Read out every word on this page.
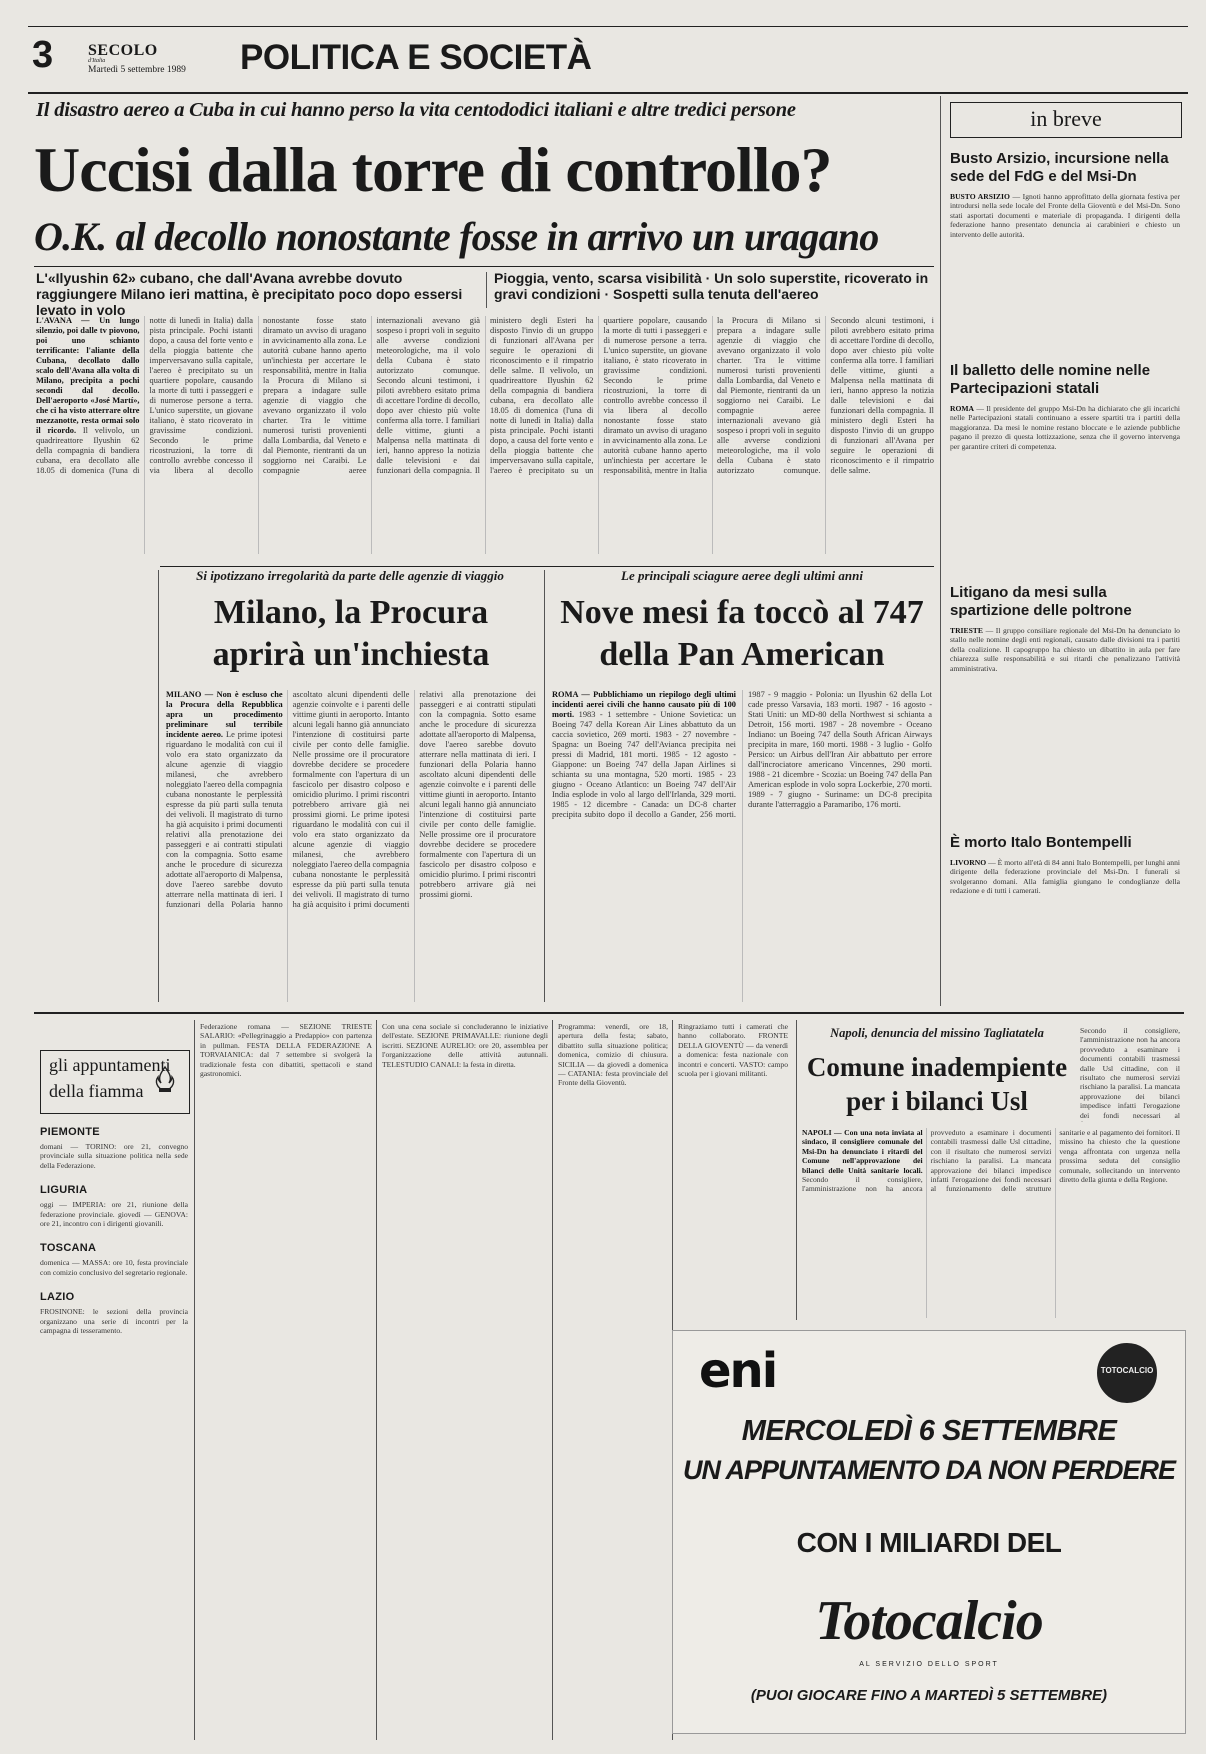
3 SECOLO
d'Italia
Martedì 5 settembre 1989	POLITICA E SOCIETÀ
Il disastro aereo a Cuba in cui hanno perso la vita centododici italiani e altre tredici persone
Uccisi dalla torre di controllo?
O.K. al decollo nonostante fosse in arrivo un uragano
L'«Ilyushin 62» cubano, che dall'Avana avrebbe dovuto raggiungere Milano ieri mattina, è precipitato poco dopo essersi levato in volo
Pioggia, vento, scarsa visibilità · Un solo superstite, ricoverato in gravi condizioni · Sospetti sulla tenuta dell'aereo
L'AVANA — Un lungo silenzio, poi dalle tv piovono, poi uno schianto terrificante: l'aliante della Cubana, decollato dallo scalo dell'Avana alla volta di Milano, precipita a pochi secondi dal decollo. Dell'aeroporto «José Martí», che ci ha visto atterrare oltre mezzanotte, resta ormai solo il ricordo. Il velivolo, un quadrireattore Ilyushin 62 della compagnia di bandiera cubana, era decollato alle 18.05 di domenica (l'una di notte di lunedì in Italia) dalla pista principale. Pochi istanti dopo, a causa del forte vento e della pioggia battente che imperversavano sulla capitale, l'aereo è precipitato su un quartiere popolare, causando la morte di tutti i passeggeri e di numerose persone a terra. L'unico superstite, un giovane italiano, è stato ricoverato in gravissime condizioni. Secondo le prime ricostruzioni, la torre di controllo avrebbe concesso il via libera al decollo nonostante fosse stato diramato un avviso di uragano in avvicinamento alla zona. Le autorità cubane hanno aperto un'inchiesta per accertare le responsabilità, mentre in Italia la Procura di Milano si prepara a indagare sulle agenzie di viaggio che avevano organizzato il volo charter. Tra le vittime numerosi turisti provenienti dalla Lombardia, dal Veneto e dal Piemonte, rientranti da un soggiorno nei Caraibi. Le compagnie aeree internazionali avevano già sospeso i propri voli in seguito alle avverse condizioni meteorologiche, ma il volo della Cubana è stato autorizzato comunque. Secondo alcuni testimoni, i piloti avrebbero esitato prima di accettare l'ordine di decollo, dopo aver chiesto più volte conferma alla torre. I familiari delle vittime, giunti a Malpensa nella mattinata di ieri, hanno appreso la notizia dalle televisioni e dai funzionari della compagnia. Il ministero degli Esteri ha disposto l'invio di un gruppo di funzionari all'Avana per seguire le operazioni di riconoscimento e il rimpatrio delle salme. Il velivolo, un quadrireattore Ilyushin 62 della compagnia di bandiera cubana, era decollato alle 18.05 di domenica (l'una di notte di lunedì in Italia) dalla pista principale. Pochi istanti dopo, a causa del forte vento e della pioggia battente che imperversavano sulla capitale, l'aereo è precipitato su un quartiere popolare, causando la morte di tutti i passeggeri e di numerose persone a terra. L'unico superstite, un giovane italiano, è stato ricoverato in gravissime condizioni. Secondo le prime ricostruzioni, la torre di controllo avrebbe concesso il via libera al decollo nonostante fosse stato diramato un avviso di uragano in avvicinamento alla zona. Le autorità cubane hanno aperto un'inchiesta per accertare le responsabilità, mentre in Italia la Procura di Milano si prepara a indagare sulle agenzie di viaggio che avevano organizzato il volo charter. Tra le vittime numerosi turisti provenienti dalla Lombardia, dal Veneto e dal Piemonte, rientranti da un soggiorno nei Caraibi. Le compagnie aeree internazionali avevano già sospeso i propri voli in seguito alle avverse condizioni meteorologiche, ma il volo della Cubana è stato autorizzato comunque. Secondo alcuni testimoni, i piloti avrebbero esitato prima di accettare l'ordine di decollo, dopo aver chiesto più volte conferma alla torre. I familiari delle vittime, giunti a Malpensa nella mattinata di ieri, hanno appreso la notizia dalle televisioni e dai funzionari della compagnia. Il ministero degli Esteri ha disposto l'invio di un gruppo di funzionari all'Avana per seguire le operazioni di riconoscimento e il rimpatrio delle salme.
Si ipotizzano irregolarità da parte delle agenzie di viaggio
Milano, la Procura aprirà un'inchiesta
MILANO — Non è escluso che la Procura della Repubblica apra un procedimento preliminare sul terribile incidente aereo. Le prime ipotesi riguardano le modalità con cui il volo era stato organizzato da alcune agenzie di viaggio milanesi, che avrebbero noleggiato l'aereo della compagnia cubana nonostante le perplessità espresse da più parti sulla tenuta dei velivoli. Il magistrato di turno ha già acquisito i primi documenti relativi alla prenotazione dei passeggeri e ai contratti stipulati con la compagnia. Sotto esame anche le procedure di sicurezza adottate all'aeroporto di Malpensa, dove l'aereo sarebbe dovuto atterrare nella mattinata di ieri. I funzionari della Polaria hanno ascoltato alcuni dipendenti delle agenzie coinvolte e i parenti delle vittime giunti in aeroporto. Intanto alcuni legali hanno già annunciato l'intenzione di costituirsi parte civile per conto delle famiglie. Nelle prossime ore il procuratore dovrebbe decidere se procedere formalmente con l'apertura di un fascicolo per disastro colposo e omicidio plurimo. I primi riscontri potrebbero arrivare già nei prossimi giorni. Le prime ipotesi riguardano le modalità con cui il volo era stato organizzato da alcune agenzie di viaggio milanesi, che avrebbero noleggiato l'aereo della compagnia cubana nonostante le perplessità espresse da più parti sulla tenuta dei velivoli. Il magistrato di turno ha già acquisito i primi documenti relativi alla prenotazione dei passeggeri e ai contratti stipulati con la compagnia. Sotto esame anche le procedure di sicurezza adottate all'aeroporto di Malpensa, dove l'aereo sarebbe dovuto atterrare nella mattinata di ieri. I funzionari della Polaria hanno ascoltato alcuni dipendenti delle agenzie coinvolte e i parenti delle vittime giunti in aeroporto. Intanto alcuni legali hanno già annunciato l'intenzione di costituirsi parte civile per conto delle famiglie. Nelle prossime ore il procuratore dovrebbe decidere se procedere formalmente con l'apertura di un fascicolo per disastro colposo e omicidio plurimo. I primi riscontri potrebbero arrivare già nei prossimi giorni.
Le principali sciagure aeree degli ultimi anni
Nove mesi fa toccò al 747 della Pan American
ROMA — Pubblichiamo un riepilogo degli ultimi incidenti aerei civili che hanno causato più di 100 morti. 1983 - 1 settembre - Unione Sovietica: un Boeing 747 della Korean Air Lines abbattuto da un caccia sovietico, 269 morti. 1983 - 27 novembre - Spagna: un Boeing 747 dell'Avianca precipita nei pressi di Madrid, 181 morti. 1985 - 12 agosto - Giappone: un Boeing 747 della Japan Airlines si schianta su una montagna, 520 morti. 1985 - 23 giugno - Oceano Atlantico: un Boeing 747 dell'Air India esplode in volo al largo dell'Irlanda, 329 morti. 1985 - 12 dicembre - Canada: un DC-8 charter precipita subito dopo il decollo a Gander, 256 morti. 1987 - 9 maggio - Polonia: un Ilyushin 62 della Lot cade presso Varsavia, 183 morti. 1987 - 16 agosto - Stati Uniti: un MD-80 della Northwest si schianta a Detroit, 156 morti. 1987 - 28 novembre - Oceano Indiano: un Boeing 747 della South African Airways precipita in mare, 160 morti. 1988 - 3 luglio - Golfo Persico: un Airbus dell'Iran Air abbattuto per errore dall'incrociatore americano Vincennes, 290 morti. 1988 - 21 dicembre - Scozia: un Boeing 747 della Pan American esplode in volo sopra Lockerbie, 270 morti. 1989 - 7 giugno - Suriname: un DC-8 precipita durante l'atterraggio a Paramaribo, 176 morti.
in breve
Busto Arsizio, incursione nella sede del FdG e del Msi-Dn
BUSTO ARSIZIO — Ignoti hanno approfittato della giornata festiva per introdursi nella sede locale del Fronte della Gioventù e del Msi-Dn. Sono stati asportati documenti e materiale di propaganda. I dirigenti della federazione hanno presentato denuncia ai carabinieri e chiesto un intervento delle autorità.
Il balletto delle nomine nelle Partecipazioni statali
ROMA — Il presidente del gruppo Msi-Dn ha dichiarato che gli incarichi nelle Partecipazioni statali continuano a essere spartiti tra i partiti della maggioranza. Da mesi le nomine restano bloccate e le aziende pubbliche pagano il prezzo di questa lottizzazione, senza che il governo intervenga per garantire criteri di competenza.
Litigano da mesi sulla spartizione delle poltrone
TRIESTE — Il gruppo consiliare regionale del Msi-Dn ha denunciato lo stallo nelle nomine degli enti regionali, causato dalle divisioni tra i partiti della coalizione. Il capogruppo ha chiesto un dibattito in aula per fare chiarezza sulle responsabilità e sui ritardi che penalizzano l'attività amministrativa.
È morto Italo Bontempelli
LIVORNO — È morto all'età di 84 anni Italo Bontempelli, per lunghi anni dirigente della federazione provinciale del Msi-Dn. I funerali si svolgeranno domani. Alla famiglia giungano le condoglianze della redazione e di tutti i camerati.
gli appuntamenti
della fiamma
PIEMONTE
domani — TORINO: ore 21, convegno provinciale sulla situazione politica nella sede della Federazione.
LIGURIA
oggi — IMPERIA: ore 21, riunione della federazione provinciale. giovedì — GENOVA: ore 21, incontro con i dirigenti giovanili.
TOSCANA
domenica — MASSA: ore 10, festa provinciale con comizio conclusivo del segretario regionale.
LAZIO
FROSINONE: le sezioni della provincia organizzano una serie di incontri per la campagna di tesseramento.
Federazione romana — SEZIONE TRIESTE SALARIO: «Pellegrinaggio a Predappio» con partenza in pullman. FESTA DELLA FEDERAZIONE A TORVAIANICA: dal 7 settembre si svolgerà la tradizionale festa con dibattiti, spettacoli e stand gastronomici.
Con una cena sociale si concluderanno le iniziative dell'estate. SEZIONE PRIMAVALLE: riunione degli iscritti. SEZIONE AURELIO: ore 20, assemblea per l'organizzazione delle attività autunnali. TELESTUDIO CANALI: la festa in diretta.
Programma: venerdì, ore 18, apertura della festa; sabato, dibattito sulla situazione politica; domenica, comizio di chiusura. SICILIA — da giovedì a domenica — CATANIA: festa provinciale del Fronte della Gioventù.
Ringraziamo tutti i camerati che hanno collaborato. FRONTE DELLA GIOVENTÙ — da venerdì a domenica: festa nazionale con incontri e concerti. VASTO: campo scuola per i giovani militanti.
Napoli, denuncia del missino Tagliatatela
Comune inadempiente per i bilanci Usl
NAPOLI — Con una nota inviata al sindaco, il consigliere comunale del Msi-Dn ha denunciato i ritardi del Comune nell'approvazione dei bilanci delle Unità sanitarie locali. Secondo il consigliere, l'amministrazione non ha ancora provveduto a esaminare i documenti contabili trasmessi dalle Usl cittadine, con il risultato che numerosi servizi rischiano la paralisi. La mancata approvazione dei bilanci impedisce infatti l'erogazione dei fondi necessari al funzionamento delle strutture sanitarie e al pagamento dei fornitori. Il missino ha chiesto che la questione venga affrontata con urgenza nella prossima seduta del consiglio comunale, sollecitando un intervento diretto della giunta e della Regione.
Secondo il consigliere, l'amministrazione non ha ancora provveduto a esaminare i documenti contabili trasmessi dalle Usl cittadine, con il risultato che numerosi servizi rischiano la paralisi. La mancata approvazione dei bilanci impedisce infatti l'erogazione dei fondi necessari al
eni	TOTOCALCIO
MERCOLEDÌ 6 SETTEMBRE
UN APPUNTAMENTO DA NON PERDERE
CON I MILIARDI DEL
Totocalcio
AL SERVIZIO DELLO SPORT
(PUOI GIOCARE FINO A MARTEDÌ 5 SETTEMBRE)
